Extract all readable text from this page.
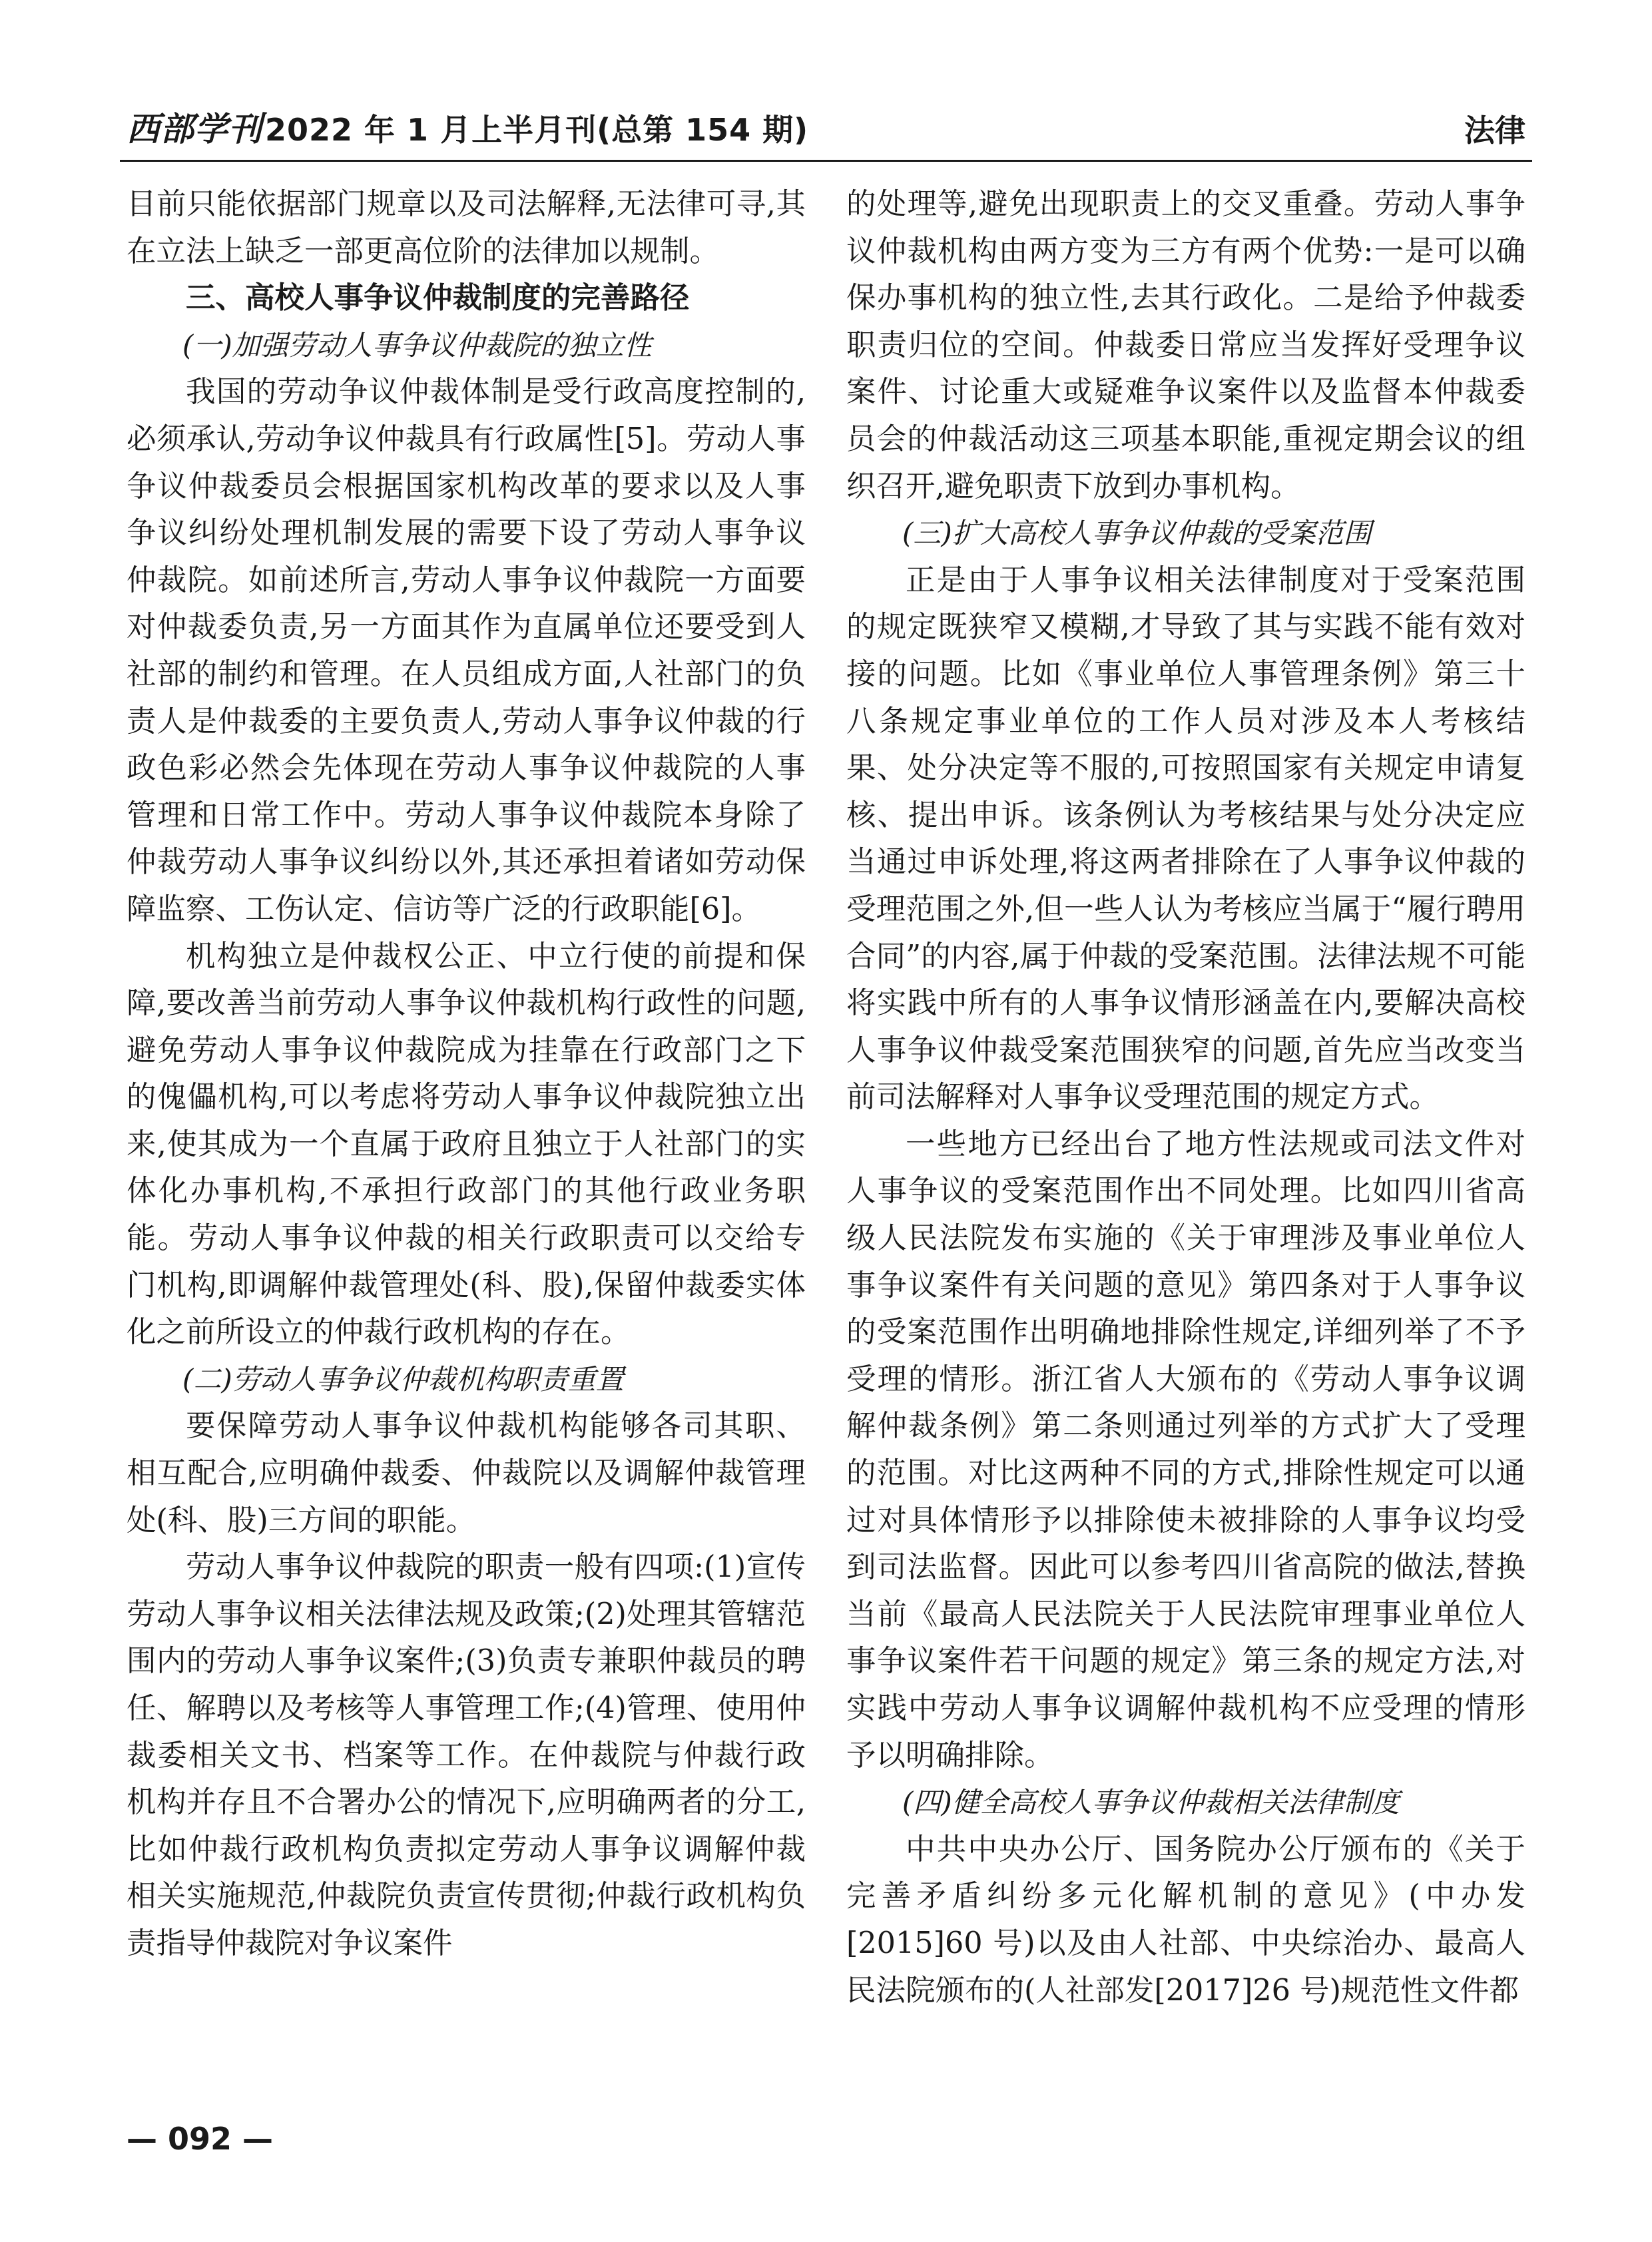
西部学刊2022 年 1 月上半月刊(总第 154 期)	法律

目前只能依据部门规章以及司法解释,无法律可寻,其在立法上缺乏一部更高位阶的法律加以规制。

三、高校人事争议仲裁制度的完善路径
(一)加强劳动人事争议仲裁院的独立性

我国的劳动争议仲裁体制是受行政高度控制的,必须承认,劳动争议仲裁具有行政属性[5]。劳动人事争议仲裁委员会根据国家机构改革的要求以及人事争议纠纷处理机制发展的需要下设了劳动人事争议仲裁院。如前述所言,劳动人事争议仲裁院一方面要对仲裁委负责,另一方面其作为直属单位还要受到人社部的制约和管理。在人员组成方面,人社部门的负责人是仲裁委的主要负责人,劳动人事争议仲裁的行政色彩必然会先体现在劳动人事争议仲裁院的人事管理和日常工作中。劳动人事争议仲裁院本身除了仲裁劳动人事争议纠纷以外,其还承担着诸如劳动保障监察、工伤认定、信访等广泛的行政职能[6]。

机构独立是仲裁权公正、中立行使的前提和保障,要改善当前劳动人事争议仲裁机构行政性的问题,避免劳动人事争议仲裁院成为挂靠在行政部门之下的傀儡机构,可以考虑将劳动人事争议仲裁院独立出来,使其成为一个直属于政府且独立于人社部门的实体化办事机构,不承担行政部门的其他行政业务职能。劳动人事争议仲裁的相关行政职责可以交给专门机构,即调解仲裁管理处(科、股),保留仲裁委实体化之前所设立的仲裁行政机构的存在。

(二)劳动人事争议仲裁机构职责重置

要保障劳动人事争议仲裁机构能够各司其职、相互配合,应明确仲裁委、仲裁院以及调解仲裁管理处(科、股)三方间的职能。

劳动人事争议仲裁院的职责一般有四项:(1)宣传劳动人事争议相关法律法规及政策;(2)处理其管辖范围内的劳动人事争议案件;(3)负责专兼职仲裁员的聘任、解聘以及考核等人事管理工作;(4)管理、使用仲裁委相关文书、档案等工作。在仲裁院与仲裁行政机构并存且不合署办公的情况下,应明确两者的分工,比如仲裁行政机构负责拟定劳动人事争议调解仲裁相关实施规范,仲裁院负责宣传贯彻;仲裁行政机构负责指导仲裁院对争议案件

的处理等,避免出现职责上的交叉重叠。劳动人事争议仲裁机构由两方变为三方有两个优势:一是可以确保办事机构的独立性,去其行政化。二是给予仲裁委职责归位的空间。仲裁委日常应当发挥好受理争议案件、讨论重大或疑难争议案件以及监督本仲裁委员会的仲裁活动这三项基本职能,重视定期会议的组织召开,避免职责下放到办事机构。

(三)扩大高校人事争议仲裁的受案范围

正是由于人事争议相关法律制度对于受案范围的规定既狭窄又模糊,才导致了其与实践不能有效对接的问题。比如《事业单位人事管理条例》第三十八条规定事业单位的工作人员对涉及本人考核结果、处分决定等不服的,可按照国家有关规定申请复核、提出申诉。该条例认为考核结果与处分决定应当通过申诉处理,将这两者排除在了人事争议仲裁的受理范围之外,但一些人认为考核应当属于“履行聘用合同”的内容,属于仲裁的受案范围。法律法规不可能将实践中所有的人事争议情形涵盖在内,要解决高校人事争议仲裁受案范围狭窄的问题,首先应当改变当前司法解释对人事争议受理范围的规定方式。

一些地方已经出台了地方性法规或司法文件对人事争议的受案范围作出不同处理。比如四川省高级人民法院发布实施的《关于审理涉及事业单位人事争议案件有关问题的意见》第四条对于人事争议的受案范围作出明确地排除性规定,详细列举了不予受理的情形。浙江省人大颁布的《劳动人事争议调解仲裁条例》第二条则通过列举的方式扩大了受理的范围。对比这两种不同的方式,排除性规定可以通过对具体情形予以排除使未被排除的人事争议均受到司法监督。因此可以参考四川省高院的做法,替换当前《最高人民法院关于人民法院审理事业单位人事争议案件若干问题的规定》第三条的规定方法,对实践中劳动人事争议调解仲裁机构不应受理的情形予以明确排除。

(四)健全高校人事争议仲裁相关法律制度

中共中央办公厅、国务院办公厅颁布的《关于完善矛盾纠纷多元化解机制的意见》(中办发[2015]60 号)以及由人社部、中央综治办、最高人民法院颁布的(人社部发[2017]26 号)规范性文件都

— 092 —
